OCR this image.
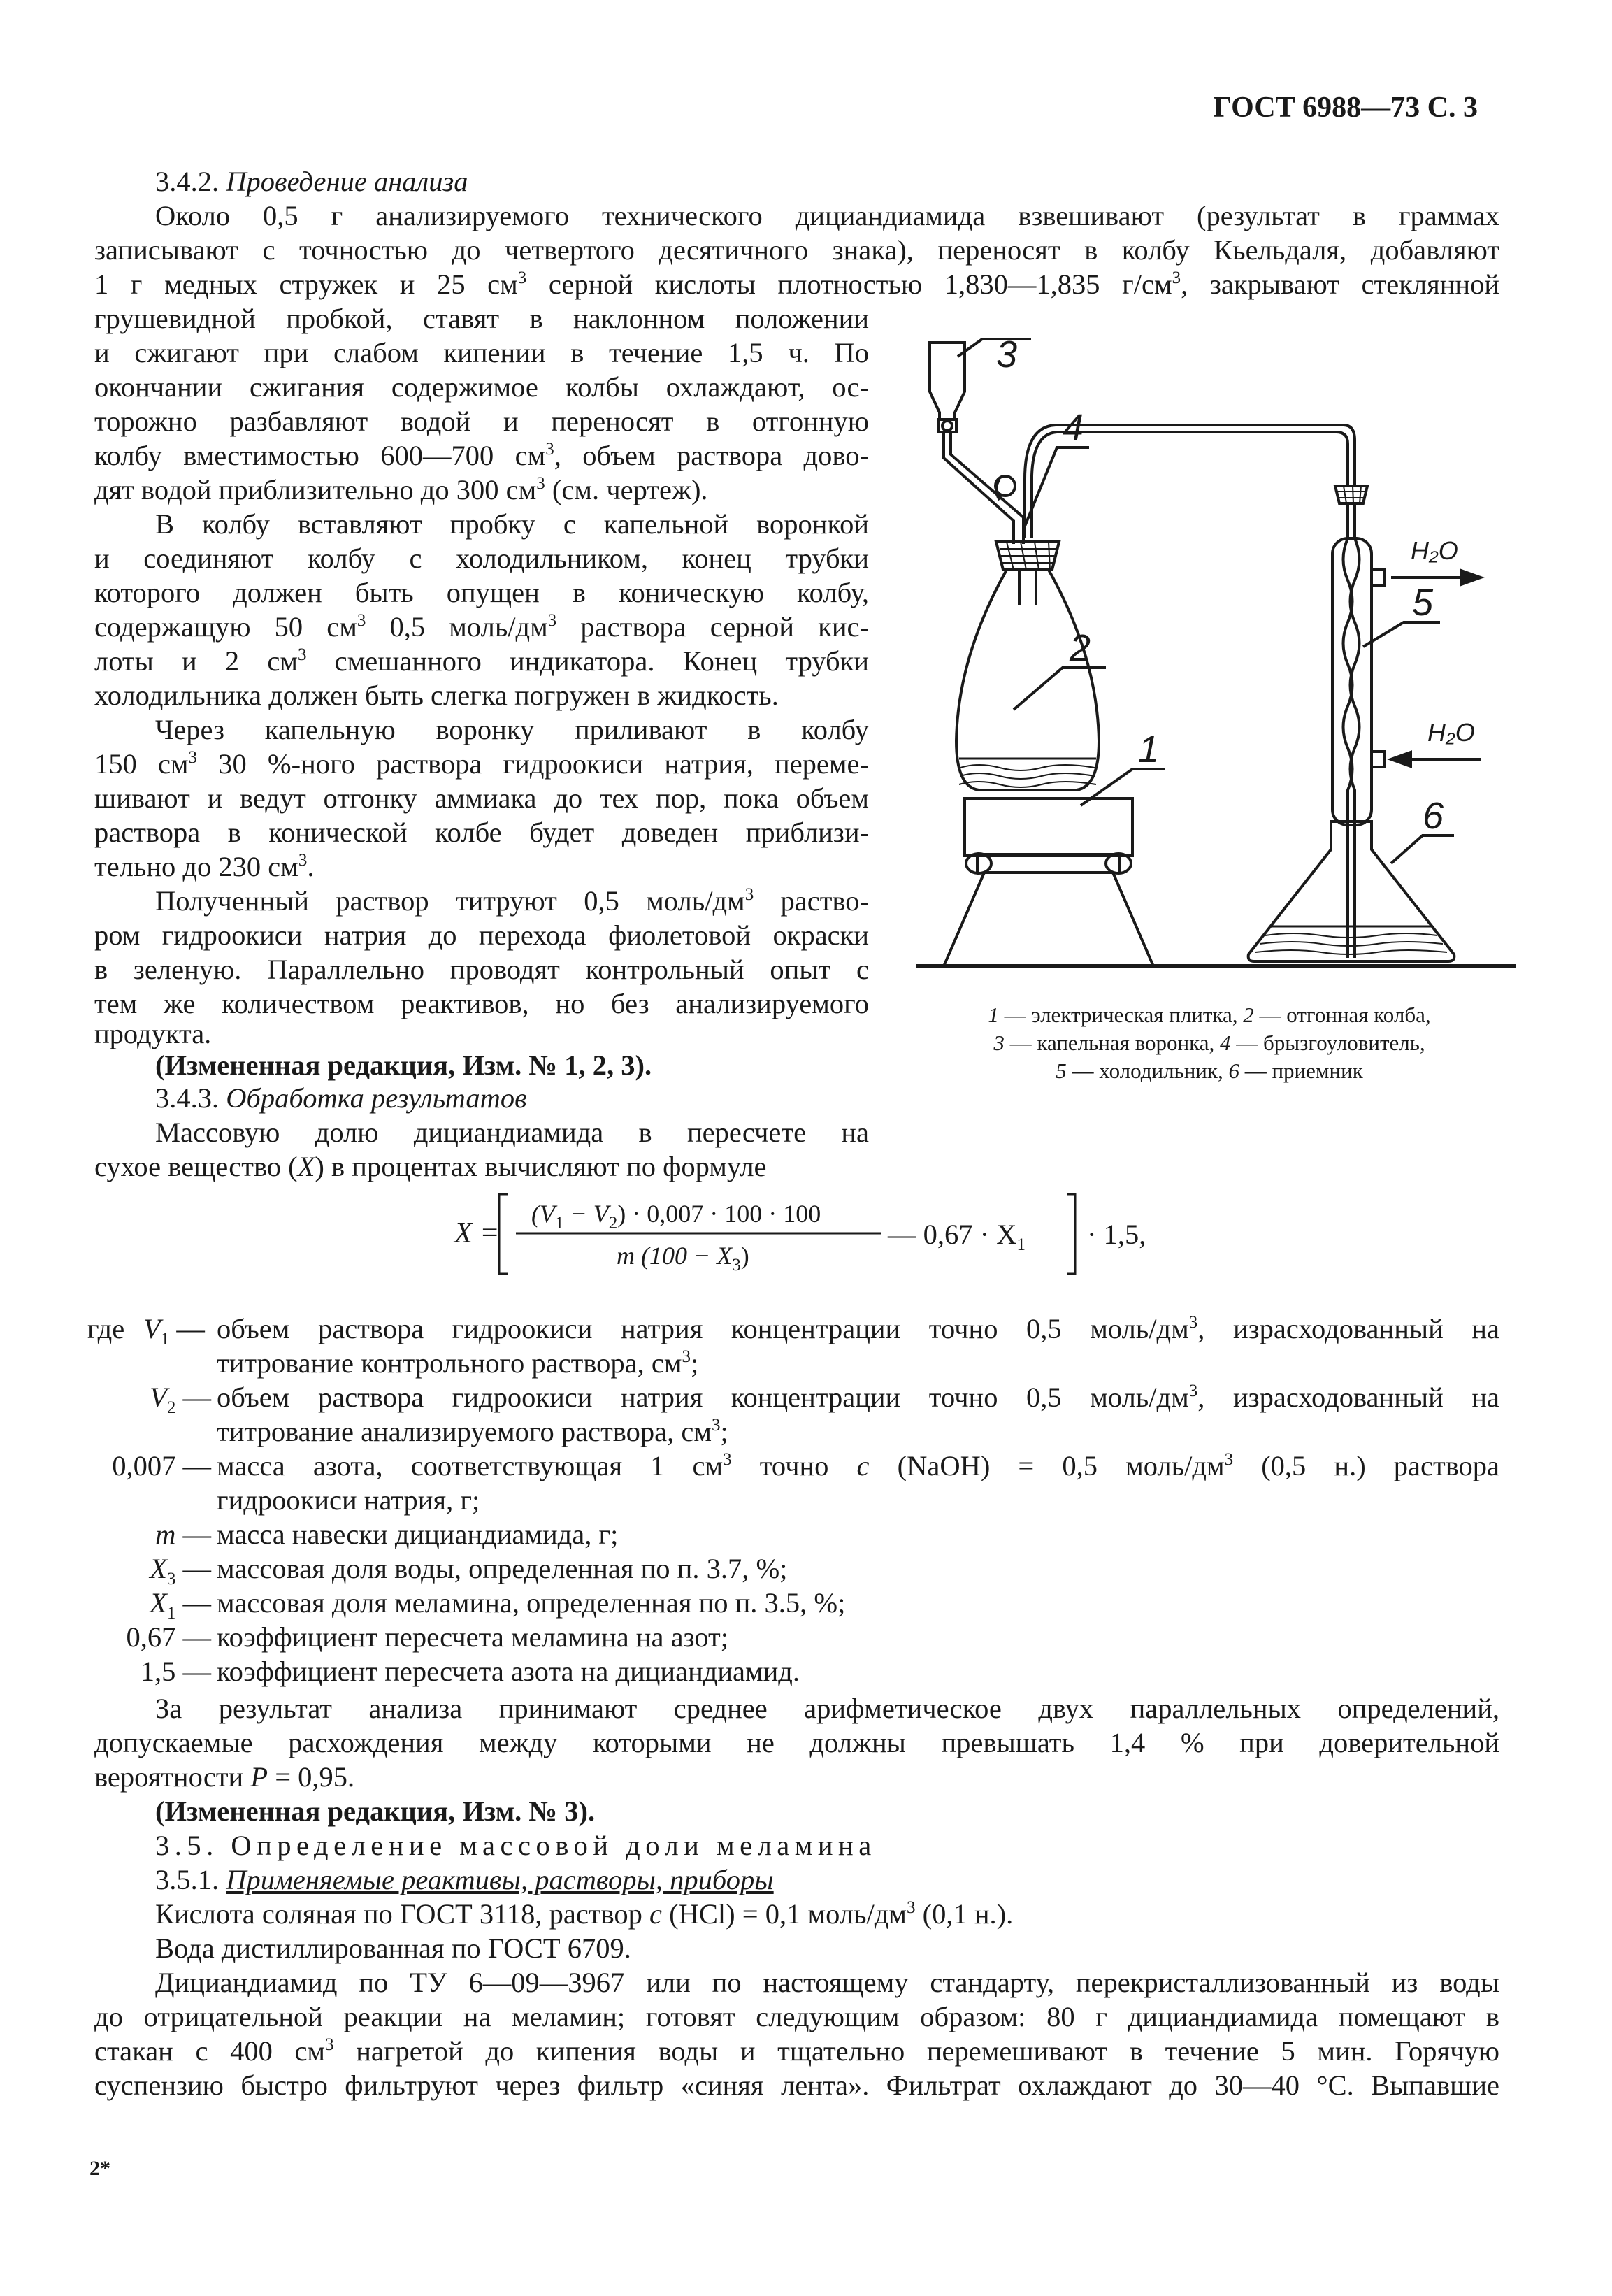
ГОСТ 6988—73 С. 3
3.4.2. Проведение анализа
Около 0,5 г анализируемого технического дициандиамида взвешивают (результат в граммах
записывают с точностью до четвертого десятичного знака), переносят в колбу Кьельдаля, добавляют
1 г медных стружек и 25 $см^3$ серной кислоты плотностью 1,830—1,835 $г/см^3$, закрывают стеклянной
грушевидной пробкой, ставят в наклонном положении
и сжигают при слабом кипении в течение 1,5 ч. По
окончании сжигания содержимое колбы охлаждают, ос-
торожно разбавляют водой и переносят в отгонную
колбу вместимостью 600—700 $см^3$, объем раствора дово-
дят водой приблизительно до 300 $см^3$ (см. чертеж).
В колбу вставляют пробку с капельной воронкой
и соединяют колбу с холодильником, конец трубки
которого должен быть опущен в коническую колбу,
содержащую 50 $см^3$ 0,5 моль/$дм^3$ раствора серной кис-
лоты и 2 $см^3$ смешанного индикатора. Конец трубки
холодильника должен быть слегка погружен в жидкость.
Через капельную воронку приливают в колбу
150 $см^3$ 30 %-ного раствора гидроокиси натрия, переме-
шивают и ведут отгонку аммиака до тех пор, пока объем
раствора в конической колбе будет доведен приблизи-
тельно до 230 $см^3$.
Полученный раствор титруют 0,5 моль/$дм^3$ раство-
ром гидроокиси натрия до перехода фиолетовой окраски
в зеленую. Параллельно проводят контрольный опыт с
тем же количеством реактивов, но без анализируемого
продукта.
(Измененная редакция, Изм. № 1, 2, 3).
3.4.3. Обработка результатов
Массовую долю дициандиамида в пересчете на
сухое вещество (X) в процентах вычисляют по формуле
3
4
2
1
5
6
H₂O
H₂O
1 — электрическая плитка, 2 — отгонная колба,
3 — капельная воронка, 4 — брызгоуловитель,
5 — холодильник, 6 — приемник
X =
$(V_1 - V_2) \cdot 0,007 \cdot 100 \cdot 100$
m $(100 - X_3)$
— $0,67 \cdot X_1 \cdot 1,5$,
где $V_1$ — объем раствора гидроокиси натрия концентрации точно 0,5 моль/$дм^3$, израсходованный на
титрование контрольного раствора, $см^3$;
$V_2$ — объем раствора гидроокиси натрия концентрации точно 0,5 моль/$дм^3$, израсходованный на
титрование анализируемого раствора, $см^3$;
0,007 — масса азота, соответствующая 1 $см^3$ точно c (NaOH) = 0,5 моль/$дм^3$ (0,5 н.) раствора
гидроокиси натрия, г;
m — масса навески дициандиамида, г;
$X_3$ — массовая доля воды, определенная по п. 3.7, %;
$X_1$ — массовая доля меламина, определенная по п. 3.5, %;
0,67 — коэффициент пересчета меламина на азот;
1,5 — коэффициент пересчета азота на дициандиамид.
За результат анализа принимают среднее арифметическое двух параллельных определений,
допускаемые расхождения между которыми не должны превышать 1,4 % при доверительной
вероятности P = 0,95.
(Измененная редакция, Изм. № 3).
3.5. Определение массовой доли меламина
3.5.1. Применяемые реактивы, растворы, приборы
Кислота соляная по ГОСТ 3118, раствор c (HCl) = 0,1 моль/$дм^3$ (0,1 н.).
Вода дистиллированная по ГОСТ 6709.
Дициандиамид по ТУ 6—09—3967 или по настоящему стандарту, перекристаллизованный из воды
до отрицательной реакции на меламин; готовят следующим образом: 80 г дициандиамида помещают в
стакан с 400 $см^3$ нагретой до кипения воды и тщательно перемешивают в течение 5 мин. Горячую
суспензию быстро фильтруют через фильтр «синяя лента». Фильтрат охлаждают до 30—40 °C. Выпавшие
2*
